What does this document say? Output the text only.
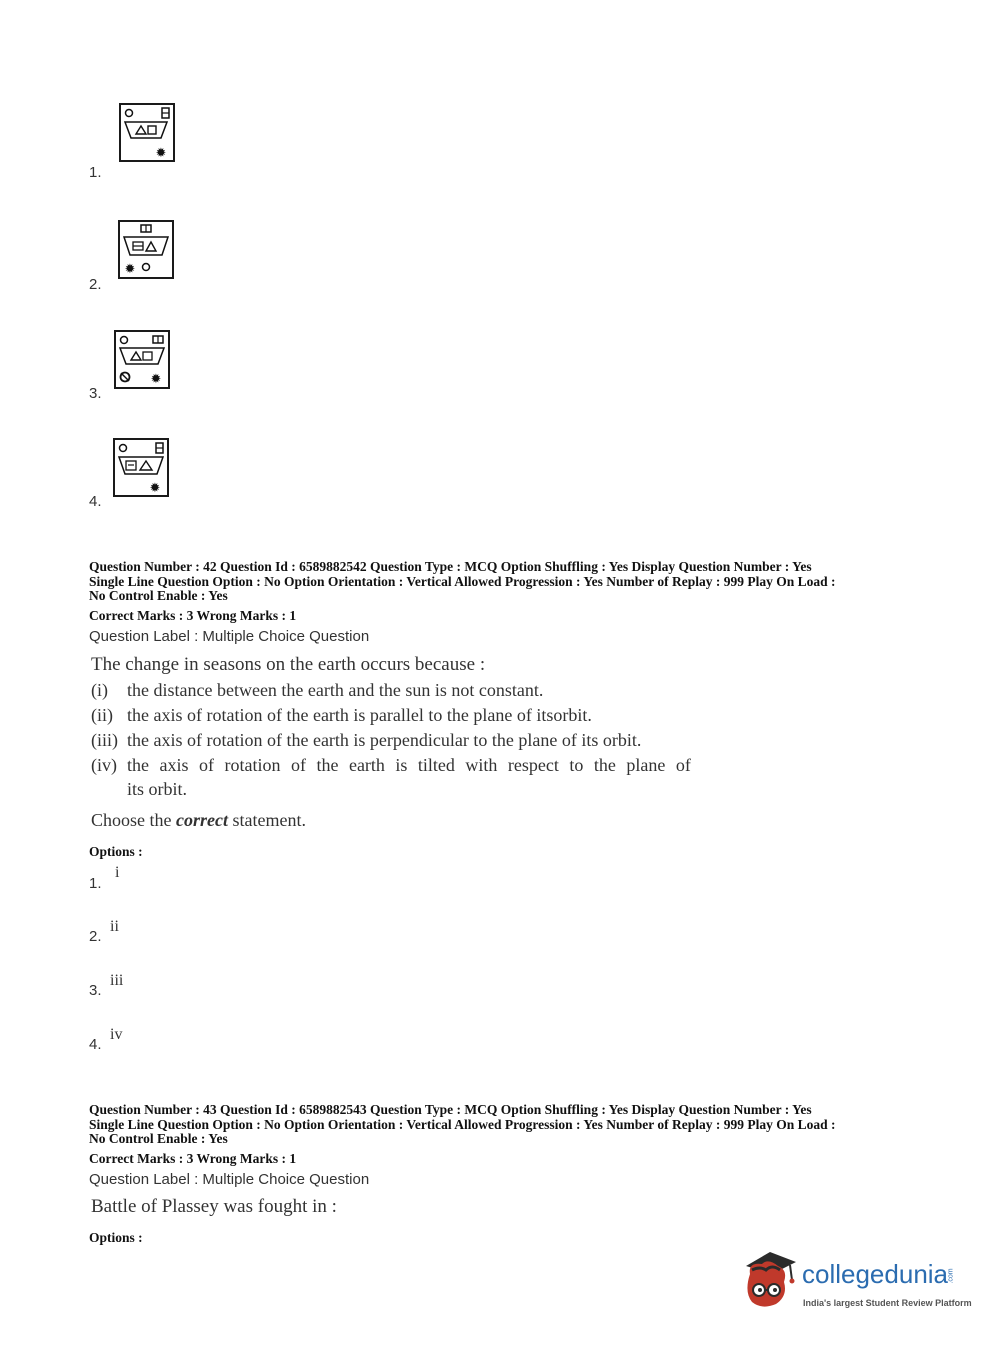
✹
1.
✹
2.
✹
3.
✹
4.
Question Number : 42 Question Id : 6589882542 Question Type : MCQ Option Shuffling : Yes Display Question Number : Yes
Single Line Question Option : No Option Orientation : Vertical Allowed Progression : Yes Number of Replay : 999 Play On Load :
No Control Enable : Yes
Correct Marks : 3 Wrong Marks : 1
Question Label : Multiple Choice Question
The change in seasons on the earth occurs because :
(i) the distance between the earth and the sun is not constant.
(ii) the axis of rotation of the earth is parallel to the plane of itsorbit.
(iii) the axis of rotation of the earth is perpendicular to the plane of its orbit.
(iv) the axis of rotation of the earth is tilted with respect to the plane of
its orbit.
Choose the correct statement.
Options :
1.
i
2.
ii
3.
iii
4.
iv
Question Number : 43 Question Id : 6589882543 Question Type : MCQ Option Shuffling : Yes Display Question Number : Yes
Single Line Question Option : No Option Orientation : Vertical Allowed Progression : Yes Number of Replay : 999 Play On Load :
No Control Enable : Yes
Correct Marks : 3 Wrong Marks : 1
Question Label : Multiple Choice Question
Battle of Plassey was fought in :
Options :
collegedunia.com
India's largest Student Review Platform
